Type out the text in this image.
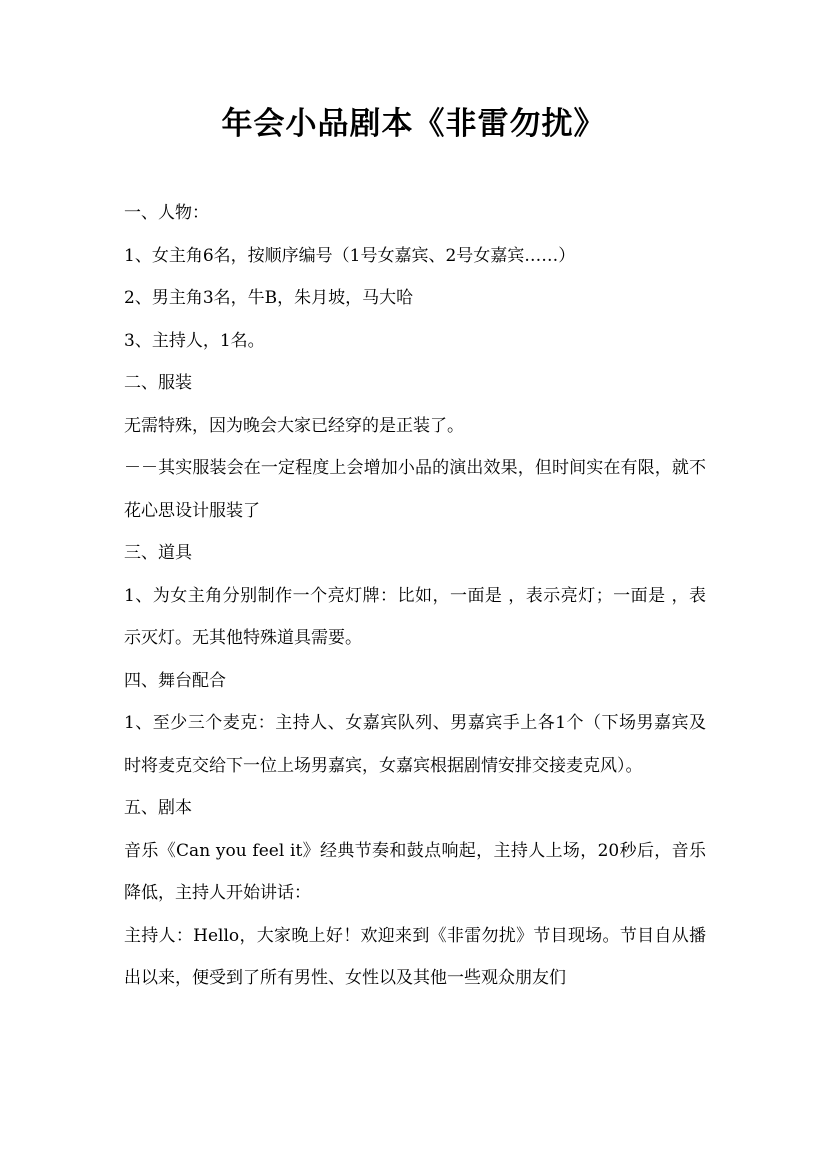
年会小品剧本《非雷勿扰》

一、人物：

1、女主角6名，按顺序编号（1号女嘉宾、2号女嘉宾……）

2、男主角3名，牛B，朱月坡，马大哈

3、主持人，1名。

二、服装

无需特殊，因为晚会大家已经穿的是正装了。

－－其实服装会在一定程度上会增加小品的演出效果，但时间实在有限，就不花心思设计服装了

三、道具

1、为女主角分别制作一个亮灯牌：比如，一面是 ，表示亮灯；一面是 ，表示灭灯。无其他特殊道具需要。

四、舞台配合

1、至少三个麦克：主持人、女嘉宾队列、男嘉宾手上各1个（下场男嘉宾及时将麦克交给下一位上场男嘉宾，女嘉宾根据剧情安排交接麦克风）。

五、剧本

音乐《Can you feel it》经典节奏和鼓点响起，主持人上场，20秒后，音乐降低，主持人开始讲话：

主持人：Hello，大家晚上好！欢迎来到《非雷勿扰》节目现场。节目自从播出以来，便受到了所有男性、女性以及其他一些观众朋友们
